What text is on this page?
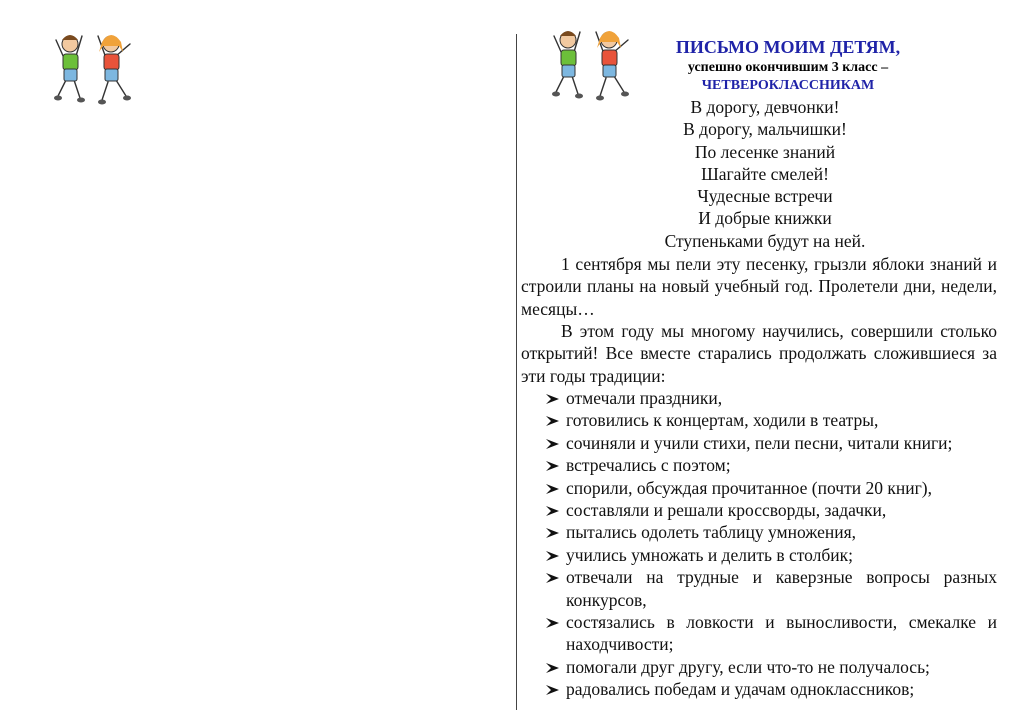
ПИСЬМО МОИМ ДЕТЯМ,
успешно окончившим 3 класс –
ЧЕТВЕРОКЛАССНИКАМ
В дорогу, девчонки!
В дорогу, мальчишки!
По лесенке знаний
Шагайте смелей!
Чудесные встречи
И добрые книжки
Ступеньками будут на ней.

1 сентября мы пели эту песенку, грызли яблоки знаний и строили планы на новый учебный год. Пролетели дни, недели, месяцы…

В этом году мы многому научились, совершили столько открытий! Все вместе старались продолжать сложившиеся за эти годы традиции:

отмечали праздники,
готовились к концертам, ходили в театры,
сочиняли и учили стихи, пели песни, читали книги;
встречались с поэтом;
спорили, обсуждая прочитанное (почти 20 книг),
составляли и решали кроссворды, задачки,
пытались одолеть таблицу умножения,
учились умножать и делить в столбик;
отвечали на трудные и каверзные вопросы разных конкурсов,
состязались в ловкости и выносливости, смекалке и находчивости;
помогали друг другу, если что-то не получалось;
радовались победам и удачам одноклассников;
